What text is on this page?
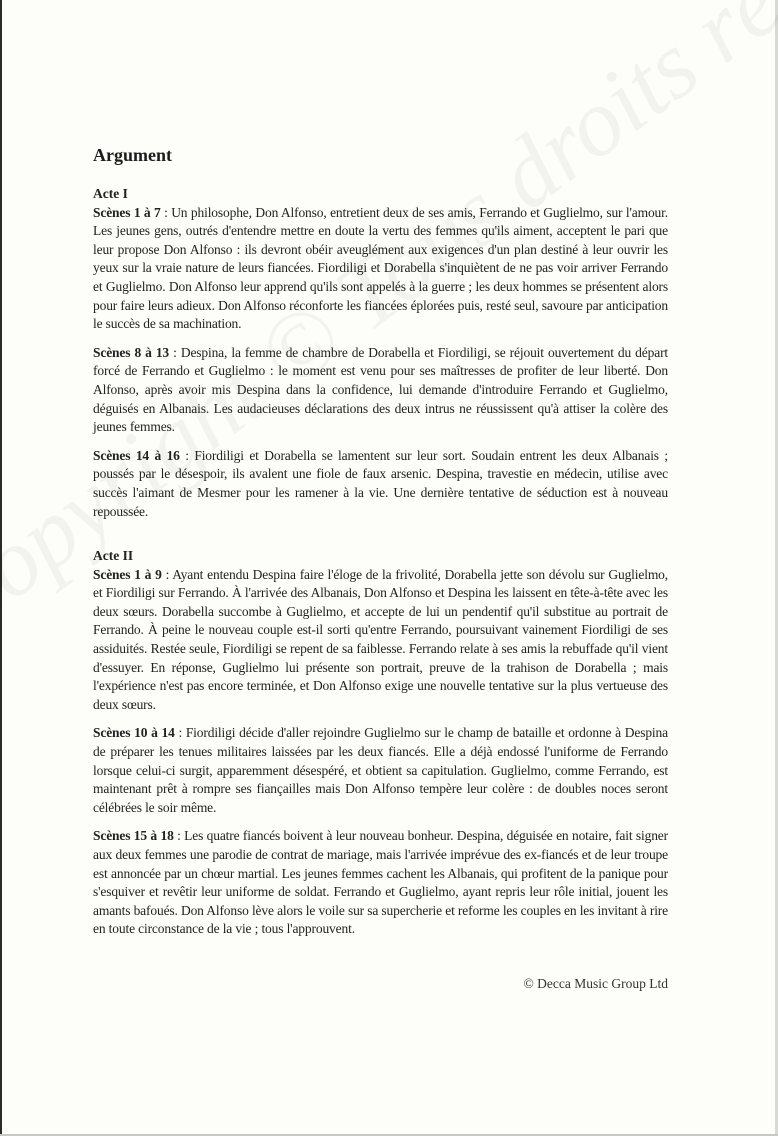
Argument
Acte I

Scènes 1 à 7 : Un philosophe, Don Alfonso, entretient deux de ses amis, Ferrando et Guglielmo, sur l'amour. Les jeunes gens, outrés d'entendre mettre en doute la vertu des femmes qu'ils aiment, acceptent le pari que leur propose Don Alfonso : ils devront obéir aveuglément aux exigences d'un plan destiné à leur ouvrir les yeux sur la vraie nature de leurs fiancées. Fiordiligi et Dorabella s'inquiètent de ne pas voir arriver Ferrando et Guglielmo. Don Alfonso leur apprend qu'ils sont appelés à la guerre ; les deux hommes se présentent alors pour faire leurs adieux. Don Alfonso réconforte les fiancées éplorées puis, resté seul, savoure par anticipation le succès de sa machination.

Scènes 8 à 13 : Despina, la femme de chambre de Dorabella et Fiordiligi, se réjouit ouvertement du départ forcé de Ferrando et Guglielmo : le moment est venu pour ses maîtresses de profiter de leur liberté. Don Alfonso, après avoir mis Despina dans la confidence, lui demande d'introduire Ferrando et Guglielmo, déguisés en Albanais. Les audacieuses déclarations des deux intrus ne réussissent qu'à attiser la colère des jeunes femmes.

Scènes 14 à 16 : Fiordiligi et Dorabella se lamentent sur leur sort. Soudain entrent les deux Albanais ; poussés par le désespoir, ils avalent une fiole de faux arsenic. Despina, travestie en médecin, utilise avec succès l'aimant de Mesmer pour les ramener à la vie. Une dernière tentative de séduction est à nouveau repoussée.

Acte II

Scènes 1 à 9 : Ayant entendu Despina faire l'éloge de la frivolité, Dorabella jette son dévolu sur Guglielmo, et Fiordiligi sur Ferrando. À l'arrivée des Albanais, Don Alfonso et Despina les laissent en tête-à-tête avec les deux sœurs. Dorabella succombe à Guglielmo, et accepte de lui un pendentif qu'il substitue au portrait de Ferrando. À peine le nouveau couple est-il sorti qu'entre Ferrando, poursuivant vainement Fiordiligi de ses assiduités. Restée seule, Fiordiligi se repent de sa faiblesse. Ferrando relate à ses amis la rebuffade qu'il vient d'essuyer. En réponse, Guglielmo lui présente son portrait, preuve de la trahison de Dorabella ; mais l'expérience n'est pas encore terminée, et Don Alfonso exige une nouvelle tentative sur la plus vertueuse des deux sœurs.

Scènes 10 à 14 : Fiordiligi décide d'aller rejoindre Guglielmo sur le champ de bataille et ordonne à Despina de préparer les tenues militaires laissées par les deux fiancés. Elle a déjà endossé l'uniforme de Ferrando lorsque celui-ci surgit, apparemment désespéré, et obtient sa capitulation. Guglielmo, comme Ferrando, est maintenant prêt à rompre ses fiançailles mais Don Alfonso tempère leur colère : de doubles noces seront célébrées le soir même.

Scènes 15 à 18 : Les quatre fiancés boivent à leur nouveau bonheur. Despina, déguisée en notaire, fait signer aux deux femmes une parodie de contrat de mariage, mais l'arrivée imprévue des ex-fiancés et de leur troupe est annoncée par un chœur martial. Les jeunes femmes cachent les Albanais, qui profitent de la panique pour s'esquiver et revêtir leur uniforme de soldat. Ferrando et Guglielmo, ayant repris leur rôle initial, jouent les amants bafoués. Don Alfonso lève alors le voile sur sa supercherie et reforme les couples en les invitant à rire en toute circonstance de la vie ; tous l'approuvent.

© Decca Music Group Ltd
